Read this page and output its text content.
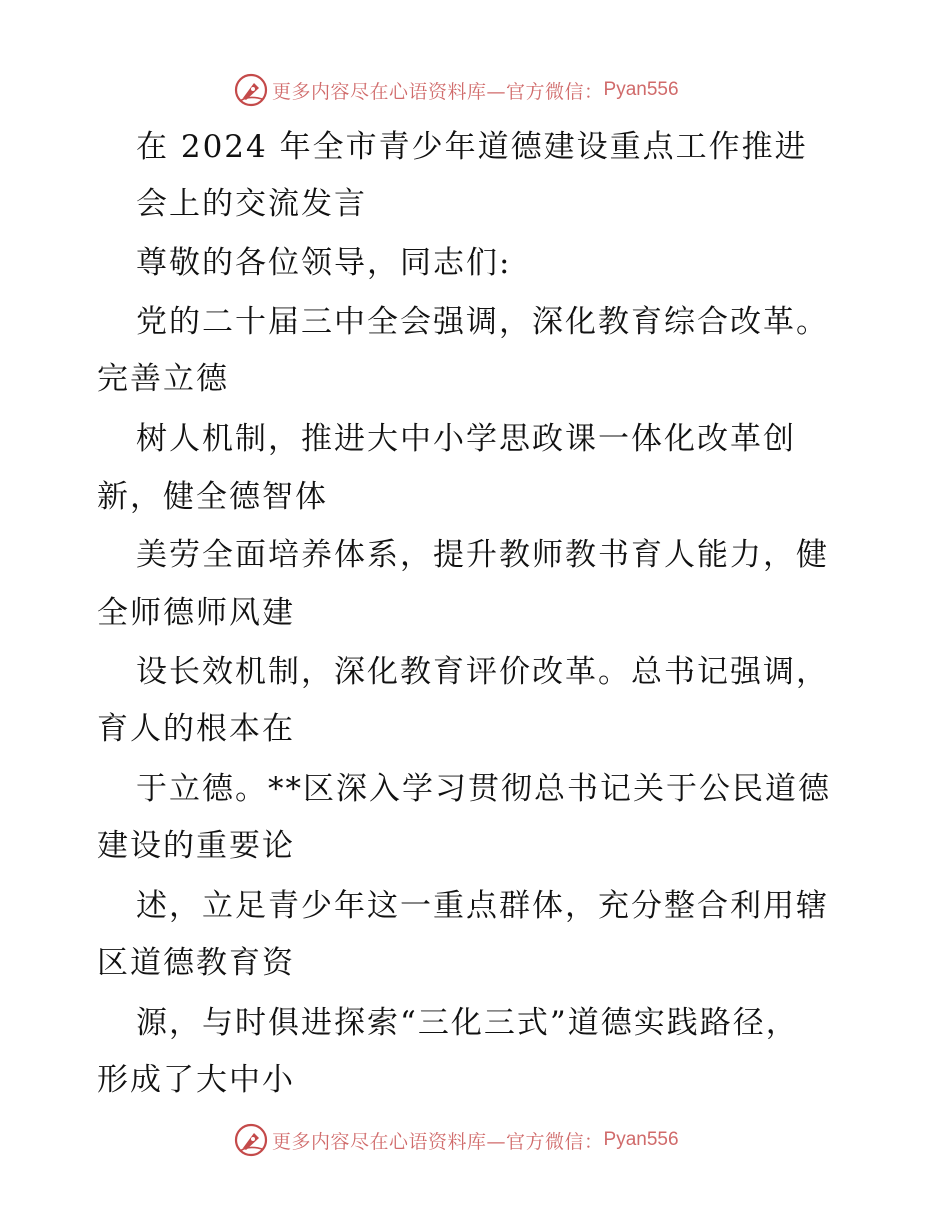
更多内容尽在心语资料库—官方微信： Pyan556
在 2024 年全市青少年道德建设重点工作推进
会上的交流发言
尊敬的各位领导，同志们:
党的二十届三中全会强调，深化教育综合改革。
完善立德
树人机制，推进大中小学思政课一体化改革创
新，健全德智体
美劳全面培养体系，提升教师教书育人能力，健
全师德师风建
设长效机制，深化教育评价改革。总书记强调，
育人的根本在
于立德。**区深入学习贯彻总书记关于公民道德
建设的重要论
述，立足青少年这一重点群体，充分整合利用辖
区道德教育资
源，与时俱进探索“三化三式”道德实践路径，
形成了大中小
更多内容尽在心语资料库—官方微信： Pyan556
